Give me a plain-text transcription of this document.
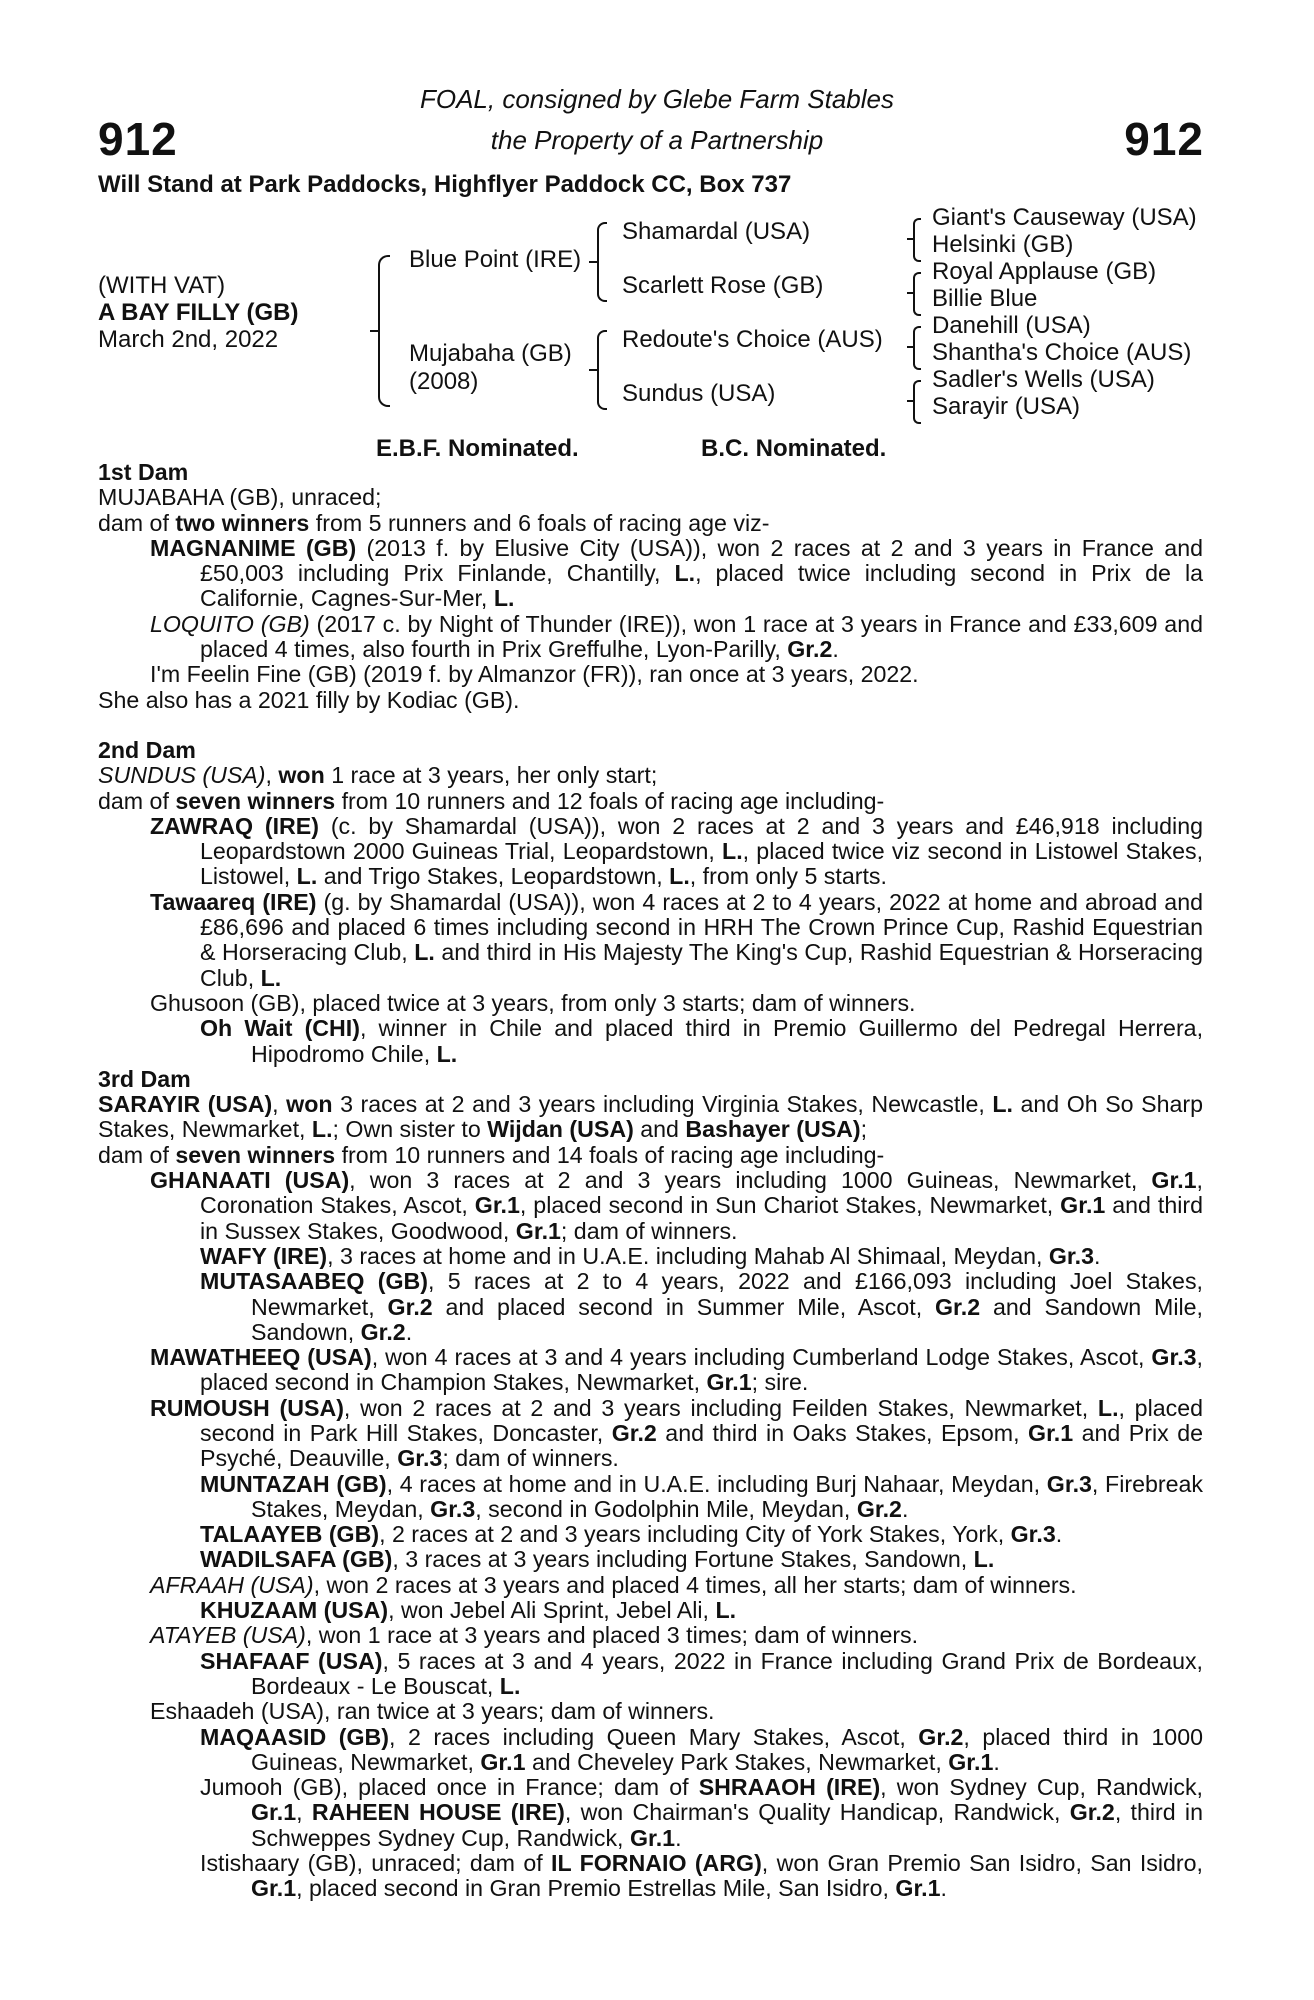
912	912
FOAL, consigned by Glebe Farm Stables
the Property of a Partnership
Will Stand at Park Paddocks, Highflyer Paddock CC, Box 737
(WITH VAT)
A BAY FILLY (GB)
March 2nd, 2022
Blue Point (IRE)
Mujabaha (GB)
(2008)
Shamardal (USA)
Scarlett Rose (GB)
Redoute's Choice (AUS)
Sundus (USA)
Giant's Causeway (USA)
Helsinki (GB)
Royal Applause (GB)
Billie Blue
Danehill (USA)
Shantha's Choice (AUS)
Sadler's Wells (USA)
Sarayir (USA)
E.B.F. Nominated.	B.C. Nominated.

1st Dam

MUJABAHA (GB), unraced;

dam of two winners from 5 runners and 6 foals of racing age viz-

MAGNANIME (GB) (2013 f. by Elusive City (USA)), won 2 races at 2 and 3 years in France and £50,003 including Prix Finlande, Chantilly, L., placed twice including second in Prix de la Californie, Cagnes-Sur-Mer, L.

LOQUITO (GB) (2017 c. by Night of Thunder (IRE)), won 1 race at 3 years in France and £33,609 and placed 4 times, also fourth in Prix Greffulhe, Lyon-Parilly, Gr.2.

I'm Feelin Fine (GB) (2019 f. by Almanzor (FR)), ran once at 3 years, 2022.

She also has a 2021 filly by Kodiac (GB).

2nd Dam

SUNDUS (USA), won 1 race at 3 years, her only start;

dam of seven winners from 10 runners and 12 foals of racing age including-

ZAWRAQ (IRE) (c. by Shamardal (USA)), won 2 races at 2 and 3 years and £46,918 including Leopardstown 2000 Guineas Trial, Leopardstown, L., placed twice viz second in Listowel Stakes, Listowel, L. and Trigo Stakes, Leopardstown, L., from only 5 starts.

Tawaareq (IRE) (g. by Shamardal (USA)), won 4 races at 2 to 4 years, 2022 at home and abroad and £86,696 and placed 6 times including second in HRH The Crown Prince Cup, Rashid Equestrian & Horseracing Club, L. and third in His Majesty The King's Cup, Rashid Equestrian & Horseracing Club, L.

Ghusoon (GB), placed twice at 3 years, from only 3 starts; dam of winners.

Oh Wait (CHI), winner in Chile and placed third in Premio Guillermo del Pedregal Herrera, Hipodromo Chile, L.

3rd Dam

SARAYIR (USA), won 3 races at 2 and 3 years including Virginia Stakes, Newcastle, L. and Oh So Sharp Stakes, Newmarket, L.; Own sister to Wijdan (USA) and Bashayer (USA);

dam of seven winners from 10 runners and 14 foals of racing age including-

GHANAATI (USA), won 3 races at 2 and 3 years including 1000 Guineas, Newmarket, Gr.1, Coronation Stakes, Ascot, Gr.1, placed second in Sun Chariot Stakes, Newmarket, Gr.1 and third in Sussex Stakes, Goodwood, Gr.1; dam of winners.

WAFY (IRE), 3 races at home and in U.A.E. including Mahab Al Shimaal, Meydan, Gr.3.

MUTASAABEQ (GB), 5 races at 2 to 4 years, 2022 and £166,093 including Joel Stakes, Newmarket, Gr.2 and placed second in Summer Mile, Ascot, Gr.2 and Sandown Mile, Sandown, Gr.2.

MAWATHEEQ (USA), won 4 races at 3 and 4 years including Cumberland Lodge Stakes, Ascot, Gr.3, placed second in Champion Stakes, Newmarket, Gr.1; sire.

RUMOUSH (USA), won 2 races at 2 and 3 years including Feilden Stakes, Newmarket, L., placed second in Park Hill Stakes, Doncaster, Gr.2 and third in Oaks Stakes, Epsom, Gr.1 and Prix de Psyché, Deauville, Gr.3; dam of winners.

MUNTAZAH (GB), 4 races at home and in U.A.E. including Burj Nahaar, Meydan, Gr.3, Firebreak Stakes, Meydan, Gr.3, second in Godolphin Mile, Meydan, Gr.2.

TALAAYEB (GB), 2 races at 2 and 3 years including City of York Stakes, York, Gr.3.

WADILSAFA (GB), 3 races at 3 years including Fortune Stakes, Sandown, L.

AFRAAH (USA), won 2 races at 3 years and placed 4 times, all her starts; dam of winners.

KHUZAAM (USA), won Jebel Ali Sprint, Jebel Ali, L.

ATAYEB (USA), won 1 race at 3 years and placed 3 times; dam of winners.

SHAFAAF (USA), 5 races at 3 and 4 years, 2022 in France including Grand Prix de Bordeaux, Bordeaux - Le Bouscat, L.

Eshaadeh (USA), ran twice at 3 years; dam of winners.

MAQAASID (GB), 2 races including Queen Mary Stakes, Ascot, Gr.2, placed third in 1000 Guineas, Newmarket, Gr.1 and Cheveley Park Stakes, Newmarket, Gr.1.

Jumooh (GB), placed once in France; dam of SHRAAOH (IRE), won Sydney Cup, Randwick, Gr.1, RAHEEN HOUSE (IRE), won Chairman's Quality Handicap, Randwick, Gr.2, third in Schweppes Sydney Cup, Randwick, Gr.1.

Istishaary (GB), unraced; dam of IL FORNAIO (ARG), won Gran Premio San Isidro, San Isidro, Gr.1, placed second in Gran Premio Estrellas Mile, San Isidro, Gr.1.
